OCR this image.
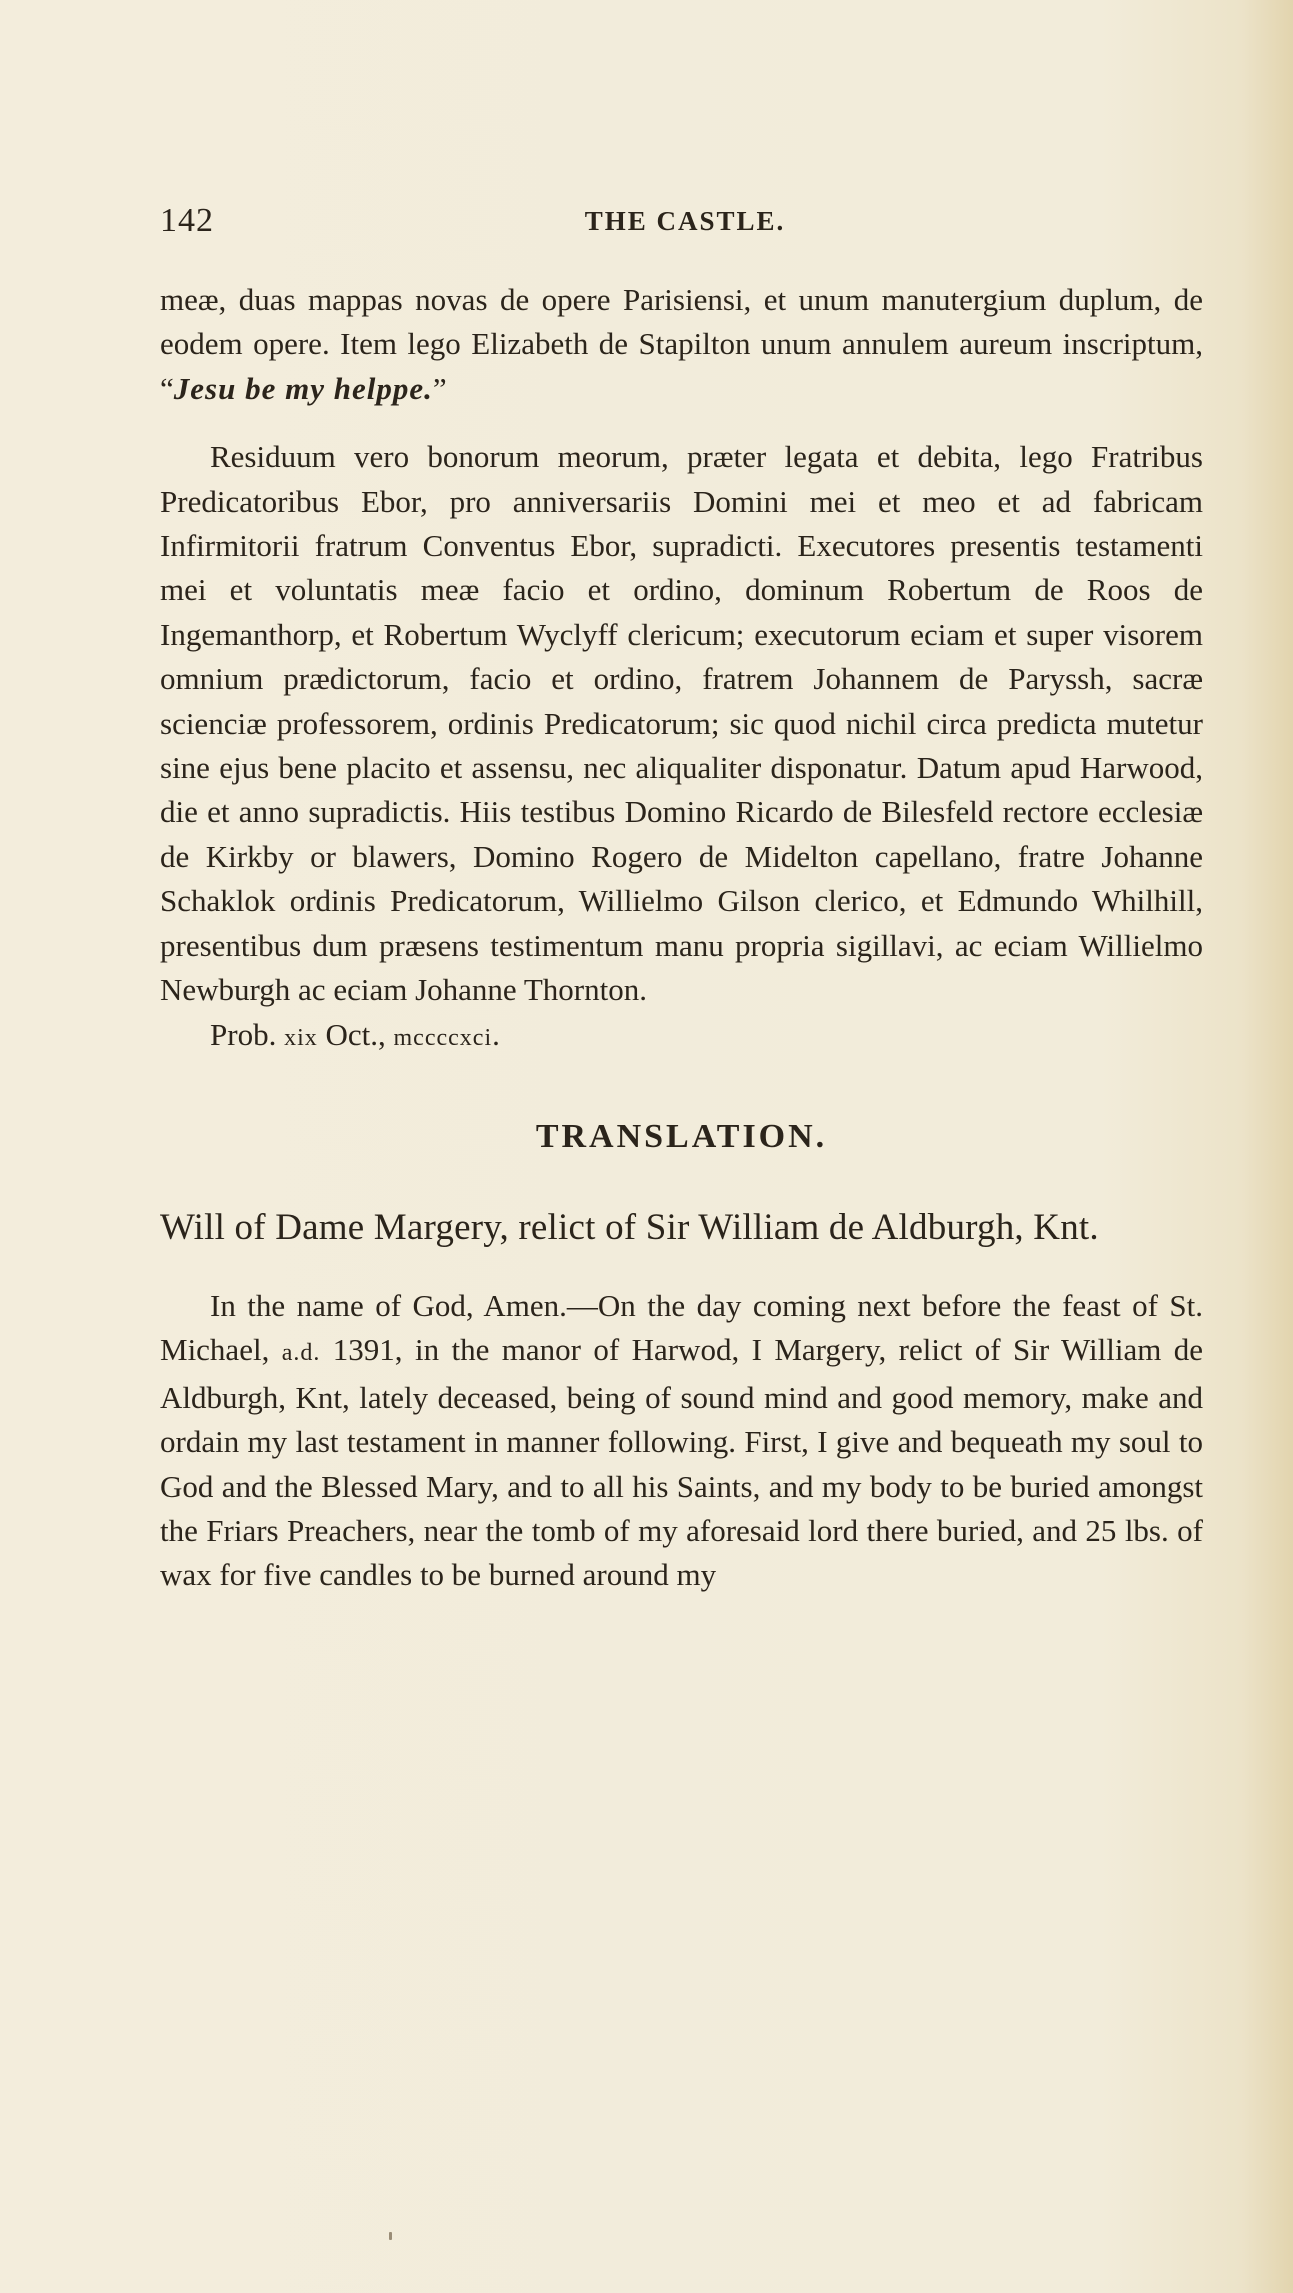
142	THE CASTLE.

meæ, duas mappas novas de opere Parisiensi, et unum manutergium duplum, de eodem opere. Item lego Elizabeth de Stapilton unum annulem aureum inscriptum, “Jesu be my helppe.”

Residuum vero bonorum meorum, præter legata et debita, lego Fratribus Predicatoribus Ebor, pro anniversariis Domini mei et meo et ad fabricam Infirmitorii fratrum Conventus Ebor, supradicti. Executores presentis testamenti mei et voluntatis meæ facio et ordino, dominum Robertum de Roos de Ingemanthorp, et Robertum Wyclyff clericum; executorum eciam et super visorem omnium prædictorum, facio et ordino, fratrem Johannem de Paryssh, sacræ scienciæ professorem, ordinis Predicatorum; sic quod nichil circa predicta mutetur sine ejus bene placito et assensu, nec aliqualiter disponatur. Datum apud Harwood, die et anno supradictis. Hiis testibus Domino Ricardo de Bilesfeld rectore ecclesiæ de Kirkby or blawers, Domino Rogero de Midelton capellano, fratre Johanne Schaklok ordinis Predicatorum, Willielmo Gilson clerico, et Edmundo Whilhill, presentibus dum præsens testimentum manu propria sigillavi, ac eciam Willielmo Newburgh ac eciam Johanne Thornton.

Prob. xix Oct., mccccxci.

TRANSLATION.

Will of Dame Margery, relict of Sir William de Aldburgh, Knt.

In the name of God, Amen.—On the day coming next before the feast of St. Michael, a.d. 1391, in the manor of Harwod, I Margery, relict of Sir William de Aldburgh, Knt, lately deceased, being of sound mind and good memory, make and ordain my last testament in manner following. First, I give and bequeath my soul to God and the Blessed Mary, and to all his Saints, and my body to be buried amongst the Friars Preachers, near the tomb of my aforesaid lord there buried, and 25 lbs. of wax for five candles to be burned around my
